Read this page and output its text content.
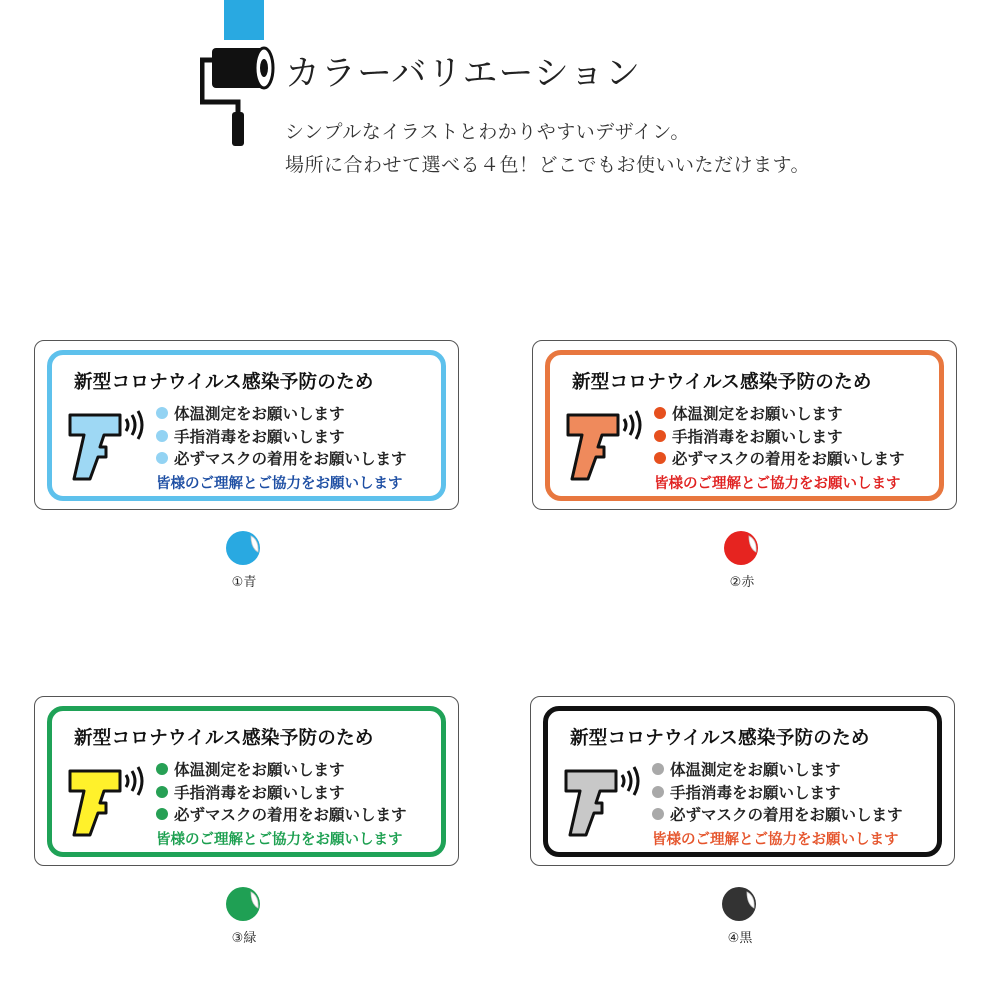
カラーバリエーション
シンプルなイラストとわかりやすいデザイン。
場所に合わせて選べる４色！どこでもお使いいただけます。
新型コロナウイルス感染予防のため
体温測定をお願いします
手指消毒をお願いします
必ずマスクの着用をお願いします
皆様のご理解とご協力をお願いします
①青
新型コロナウイルス感染予防のため
体温測定をお願いします
手指消毒をお願いします
必ずマスクの着用をお願いします
皆様のご理解とご協力をお願いします
②赤
新型コロナウイルス感染予防のため
体温測定をお願いします
手指消毒をお願いします
必ずマスクの着用をお願いします
皆様のご理解とご協力をお願いします
③緑
新型コロナウイルス感染予防のため
体温測定をお願いします
手指消毒をお願いします
必ずマスクの着用をお願いします
皆様のご理解とご協力をお願いします
④黒
